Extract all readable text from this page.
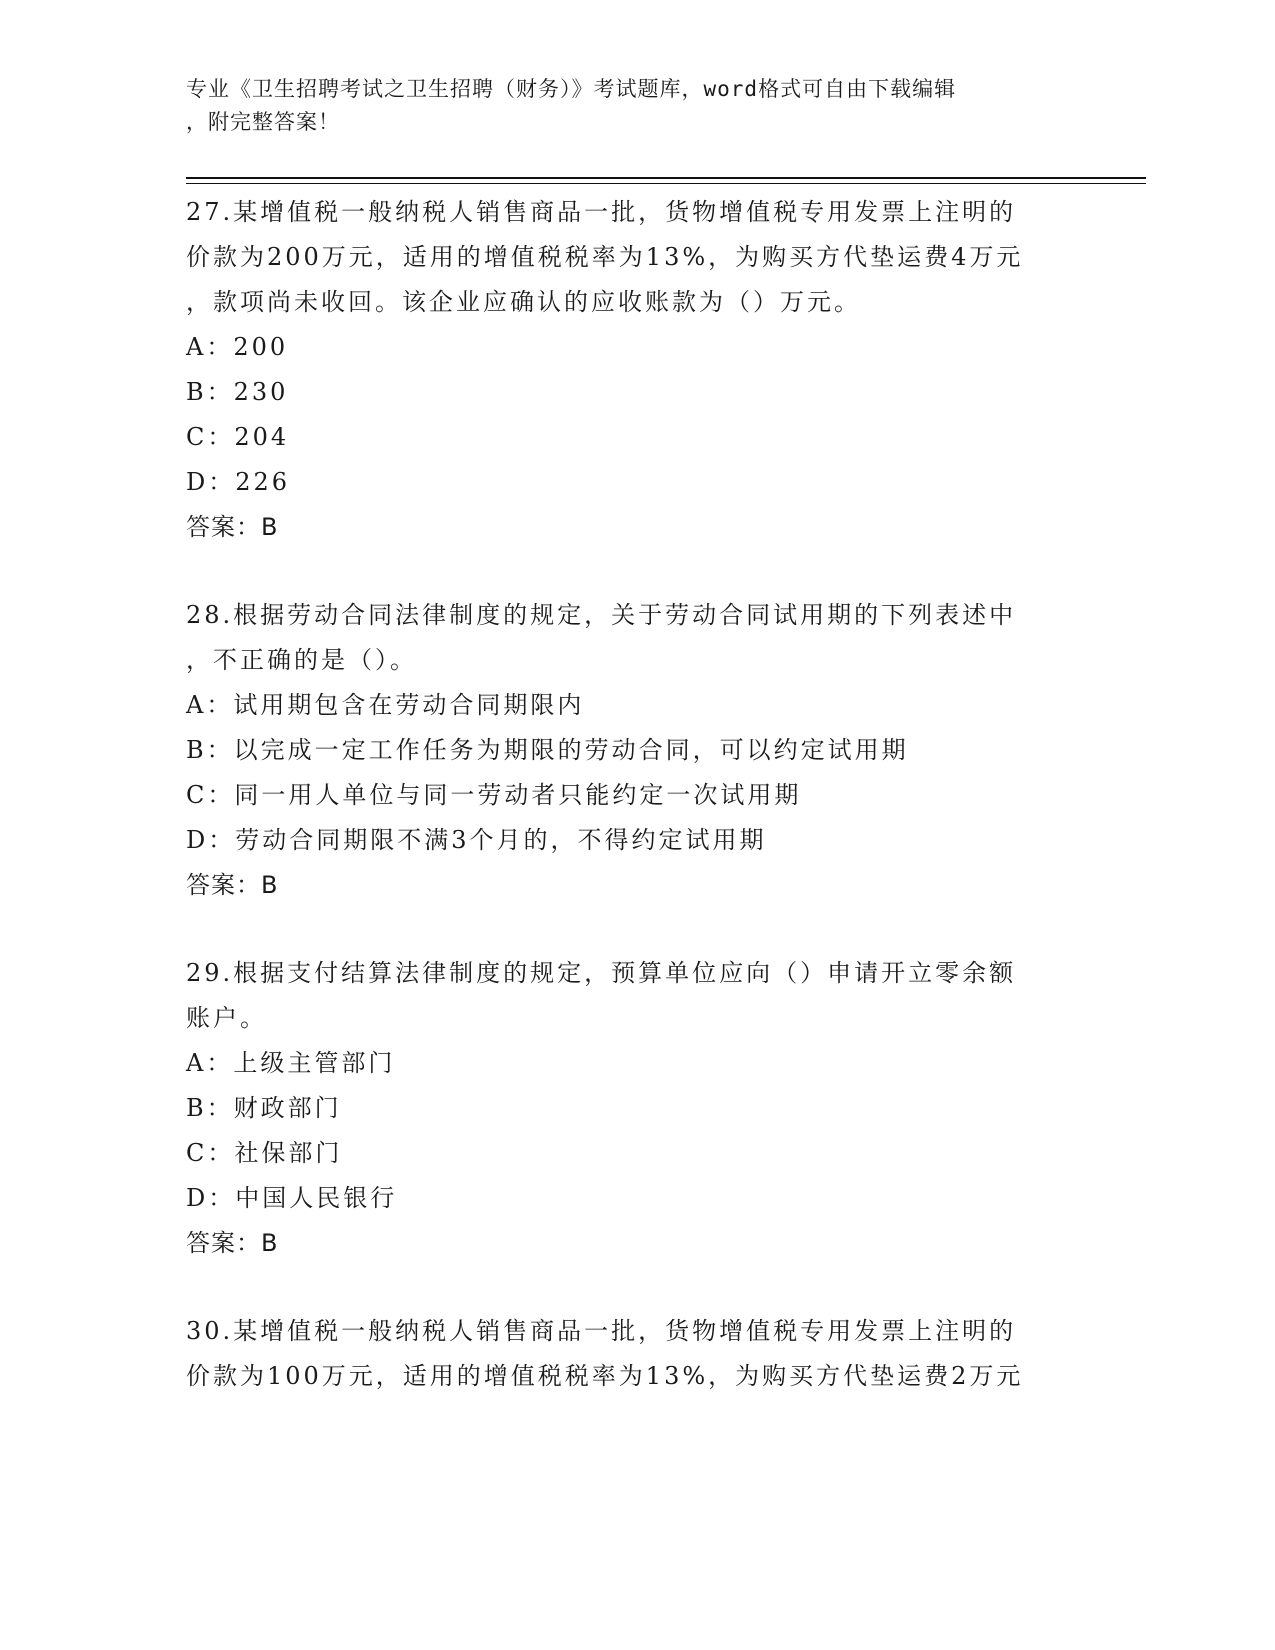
专业《卫生招聘考试之卫生招聘（财务）》考试题库，word格式可自由下载编辑
，附完整答案！

27.某增值税一般纳税人销售商品一批，货物增值税专用发票上注明的

价款为200万元，适用的增值税税率为13%，为购买方代垫运费4万元

，款项尚未收回。该企业应确认的应收账款为（）万元。

A：200

B：230

C：204

D：226

答案：B

28.根据劳动合同法律制度的规定，关于劳动合同试用期的下列表述中

，不正确的是（）。

A：试用期包含在劳动合同期限内

B：以完成一定工作任务为期限的劳动合同，可以约定试用期

C：同一用人单位与同一劳动者只能约定一次试用期

D：劳动合同期限不满3个月的，不得约定试用期

答案：B

29.根据支付结算法律制度的规定，预算单位应向（）申请开立零余额

账户。

A：上级主管部门

B：财政部门

C：社保部门

D：中国人民银行

答案：B

30.某增值税一般纳税人销售商品一批，货物增值税专用发票上注明的

价款为100万元，适用的增值税税率为13%，为购买方代垫运费2万元
